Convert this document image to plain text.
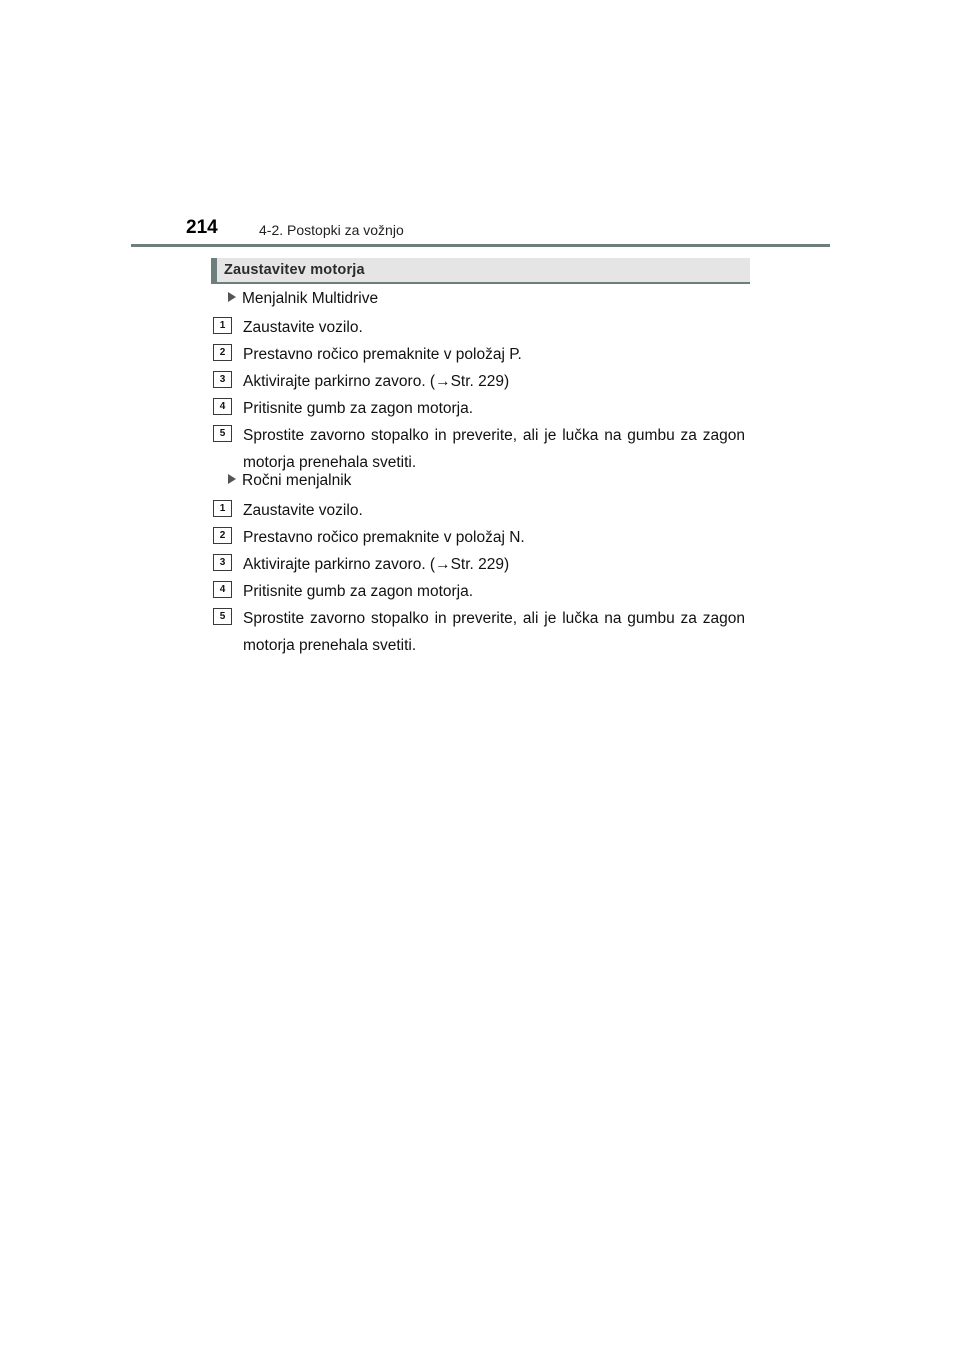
214	4-2. Postopki za vožnjo
Zaustavitev motorja
Menjalnik Multidrive
1	Zaustavite vozilo.
2	Prestavno ročico premaknite v položaj P.
3	Aktivirajte parkirno zavoro. (→Str. 229)
4	Pritisnite gumb za zagon motorja.
5	Sprostite zavorno stopalko in preverite, ali je lučka na gumbu za zagon motorja prenehala svetiti.
Ročni menjalnik
1	Zaustavite vozilo.
2	Prestavno ročico premaknite v položaj N.
3	Aktivirajte parkirno zavoro. (→Str. 229)
4	Pritisnite gumb za zagon motorja.
5	Sprostite zavorno stopalko in preverite, ali je lučka na gumbu za zagon motorja prenehala svetiti.
